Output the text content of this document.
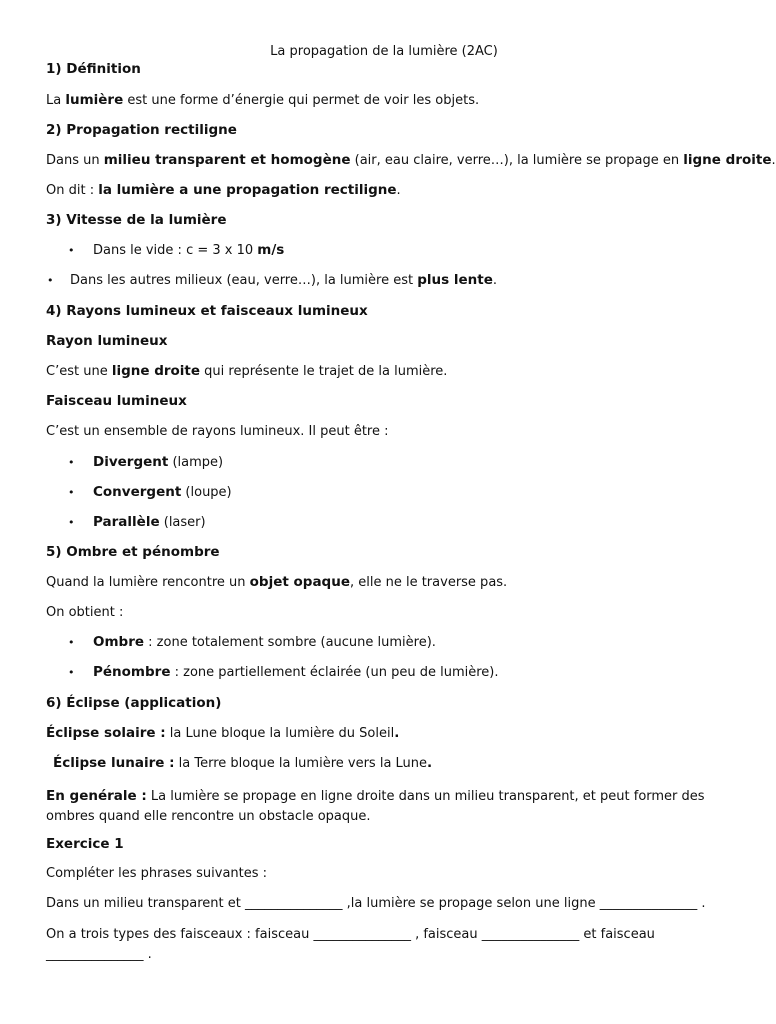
La propagation de la lumière (2AC)
1) Définition
La lumière est une forme d’énergie qui permet de voir les objets.
2) Propagation rectiligne
Dans un milieu transparent et homogène (air, eau claire, verre…), la lumière se propage en ligne droite.
On dit : la lumière a une propagation rectiligne.
3) Vitesse de la lumière
• Dans le vide : c = 3 x 10 m/s
• Dans les autres milieux (eau, verre…), la lumière est plus lente.
4) Rayons lumineux et faisceaux lumineux
Rayon lumineux
C’est une ligne droite qui représente le trajet de la lumière.
Faisceau lumineux
C’est un ensemble de rayons lumineux. Il peut être :
• Divergent (lampe)
• Convergent (loupe)
• Parallèle (laser)
5) Ombre et pénombre
Quand la lumière rencontre un objet opaque, elle ne le traverse pas.
On obtient :
• Ombre : zone totalement sombre (aucune lumière).
• Pénombre : zone partiellement éclairée (un peu de lumière).
6) Éclipse (application)
Éclipse solaire : la Lune bloque la lumière du Soleil.
Éclipse lunaire : la Terre bloque la lumière vers la Lune.
En genérale : La lumière se propage en ligne droite dans un milieu transparent, et peut former des ombres quand elle rencontre un obstacle opaque.
Exercice 1
Compléter les phrases suivantes :
Dans un milieu transparent et _______________ ,la lumière se propage selon une ligne _______________ .
On a trois types des faisceaux : faisceau _______________ , faisceau _______________ et faisceau
_______________ .
